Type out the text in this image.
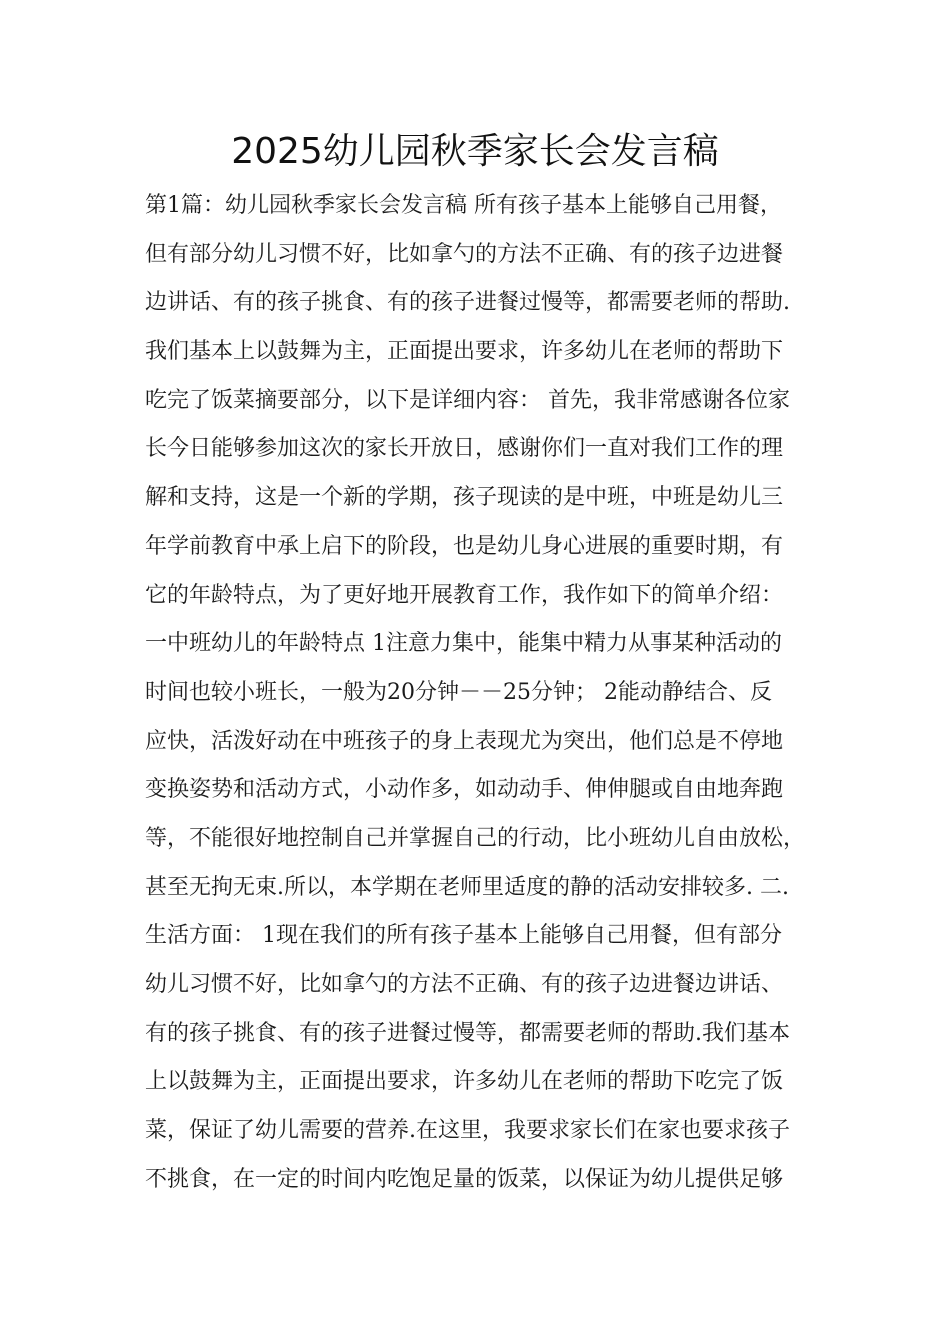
2025幼儿园秋季家长会发言稿
第1篇：幼儿园秋季家长会发言稿 所有孩子基本上能够自己用餐，
但有部分幼儿习惯不好，比如拿勺的方法不正确、有的孩子边进餐
边讲话、有的孩子挑食、有的孩子进餐过慢等，都需要老师的帮助.
我们基本上以鼓舞为主，正面提出要求，许多幼儿在老师的帮助下
吃完了饭菜摘要部分，以下是详细内容： 首先，我非常感谢各位家
长今日能够参加这次的家长开放日，感谢你们一直对我们工作的理
解和支持，这是一个新的学期，孩子现读的是中班，中班是幼儿三
年学前教育中承上启下的阶段，也是幼儿身心进展的重要时期，有
它的年龄特点，为了更好地开展教育工作，我作如下的简单介绍：
一中班幼儿的年龄特点 1注意力集中，能集中精力从事某种活动的
时间也较小班长，一般为20分钟－－25分钟； 2能动静结合、反
应快，活泼好动在中班孩子的身上表现尤为突出，他们总是不停地
变换姿势和活动方式，小动作多，如动动手、伸伸腿或自由地奔跑
等，不能很好地控制自己并掌握自己的行动，比小班幼儿自由放松，
甚至无拘无束.所以，本学期在老师里适度的静的活动安排较多. 二.
生活方面： 1现在我们的所有孩子基本上能够自己用餐，但有部分
幼儿习惯不好，比如拿勺的方法不正确、有的孩子边进餐边讲话、
有的孩子挑食、有的孩子进餐过慢等，都需要老师的帮助.我们基本
上以鼓舞为主，正面提出要求，许多幼儿在老师的帮助下吃完了饭
菜，保证了幼儿需要的营养.在这里，我要求家长们在家也要求孩子
不挑食，在一定的时间内吃饱足量的饭菜，以保证为幼儿提供足够
